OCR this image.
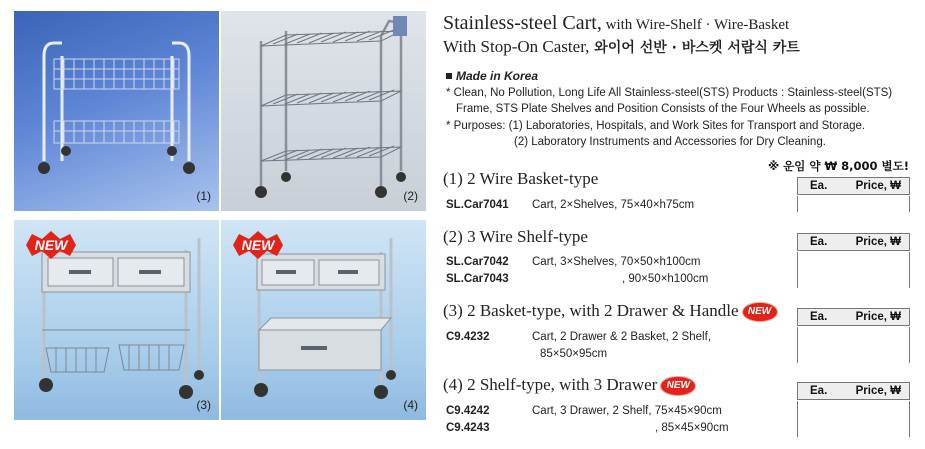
(1)	(2)
NEW
(3)
NEW
(4)
Stainless-steel Cart, with Wire-Shelf · Wire-Basket
With Stop-On Caster, 와이어 선반 · 바스켓 서랍식 카트
Made in Korea
* Clean, No Pollution, Long Life All Stainless-steel(STS) Products : Stainless-steel(STS)
Frame, STS Plate Shelves and Position Consists of the Four Wheels as possible.
* Purposes: (1) Laboratories, Hospitals, and Work Sites for Transport and Storage.
(2) Laboratory Instruments and Accessories for Dry Cleaning.
※ 운임 약 ₩ 8,000 별도!
(1) 2 Wire Basket-type
SL.Car7041 Cart, 2×Shelves, 75×40×h75cm
Ea. Price, ₩
(2) 3 Wire Shelf-type
SL.Car7042 Cart, 3×Shelves, 70×50×h100cm
SL.Car7043	, 90×50×h100cm
Ea. Price, ₩
(3) 2 Basket-type, with 2 Drawer & Handle NEW
C9.4232	Cart, 2 Drawer & 2 Basket, 2 Shelf,
85×50×95cm
Ea. Price, ₩
(4) 2 Shelf-type, with 3 Drawer NEW
C9.4242	Cart, 3 Drawer, 2 Shelf, 75×45×90cm
C9.4243	, 85×45×90cm
Ea. Price, ₩
